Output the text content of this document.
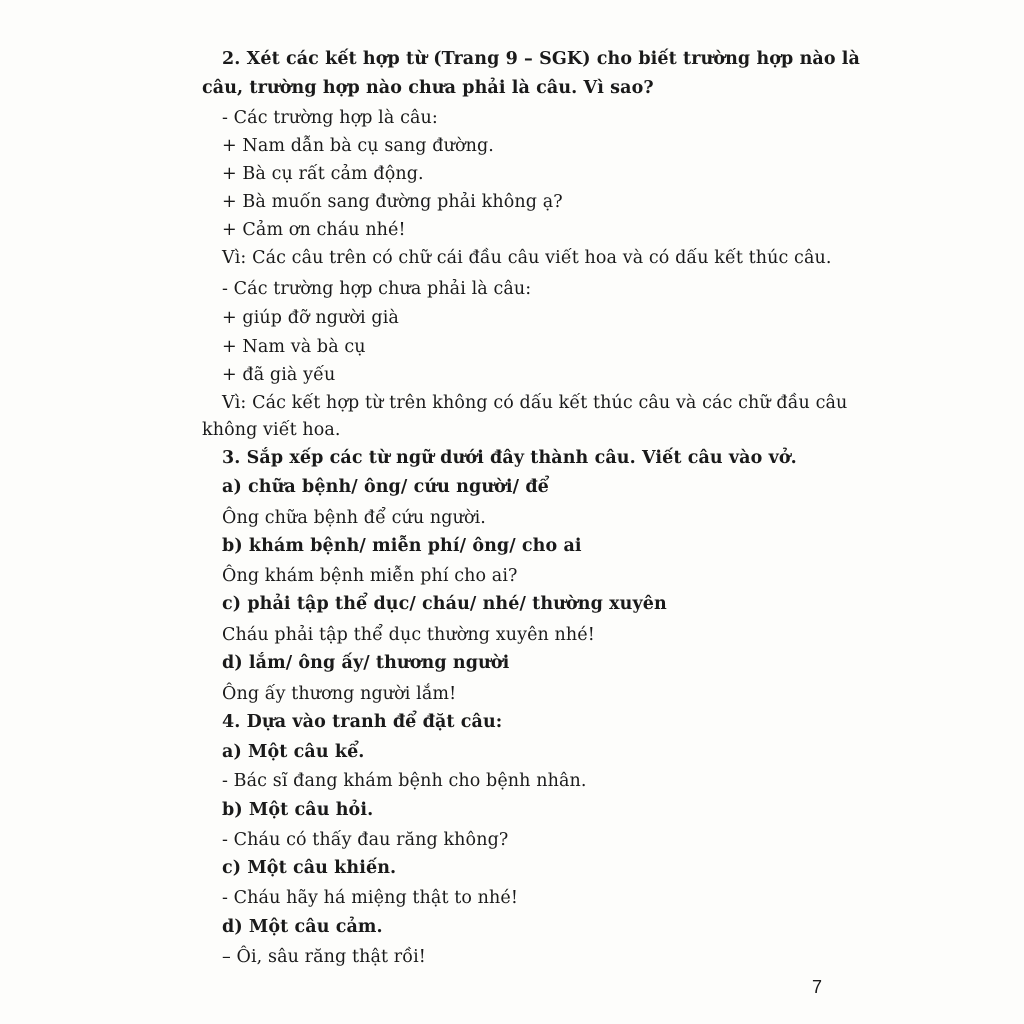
2. Xét các kết hợp từ (Trang 9 – SGK) cho biết trường hợp nào là
câu, trường hợp nào chưa phải là câu. Vì sao?
- Các trường hợp là câu:
+ Nam dẫn bà cụ sang đường.
+ Bà cụ rất cảm động.
+ Bà muốn sang đường phải không ạ?
+ Cảm ơn cháu nhé!
Vì: Các câu trên có chữ cái đầu câu viết hoa và có dấu kết thúc câu.
- Các trường hợp chưa phải là câu:
+ giúp đỡ người già
+ Nam và bà cụ
+ đã già yếu
Vì: Các kết hợp từ trên không có dấu kết thúc câu và các chữ đầu câu
không viết hoa.
3. Sắp xếp các từ ngữ dưới đây thành câu. Viết câu vào vở.
a) chữa bệnh/ ông/ cứu người/ để
Ông chữa bệnh để cứu người.
b) khám bệnh/ miễn phí/ ông/ cho ai
Ông khám bệnh miễn phí cho ai?
c) phải tập thể dục/ cháu/ nhé/ thường xuyên
Cháu phải tập thể dục thường xuyên nhé!
d) lắm/ ông ấy/ thương người
Ông ấy thương người lắm!
4. Dựa vào tranh để đặt câu:
a) Một câu kể.
- Bác sĩ đang khám bệnh cho bệnh nhân.
b) Một câu hỏi.
- Cháu có thấy đau răng không?
c) Một câu khiến.
- Cháu hãy há miệng thật to nhé!
d) Một câu cảm.
– Ôi, sâu răng thật rồi!
7
